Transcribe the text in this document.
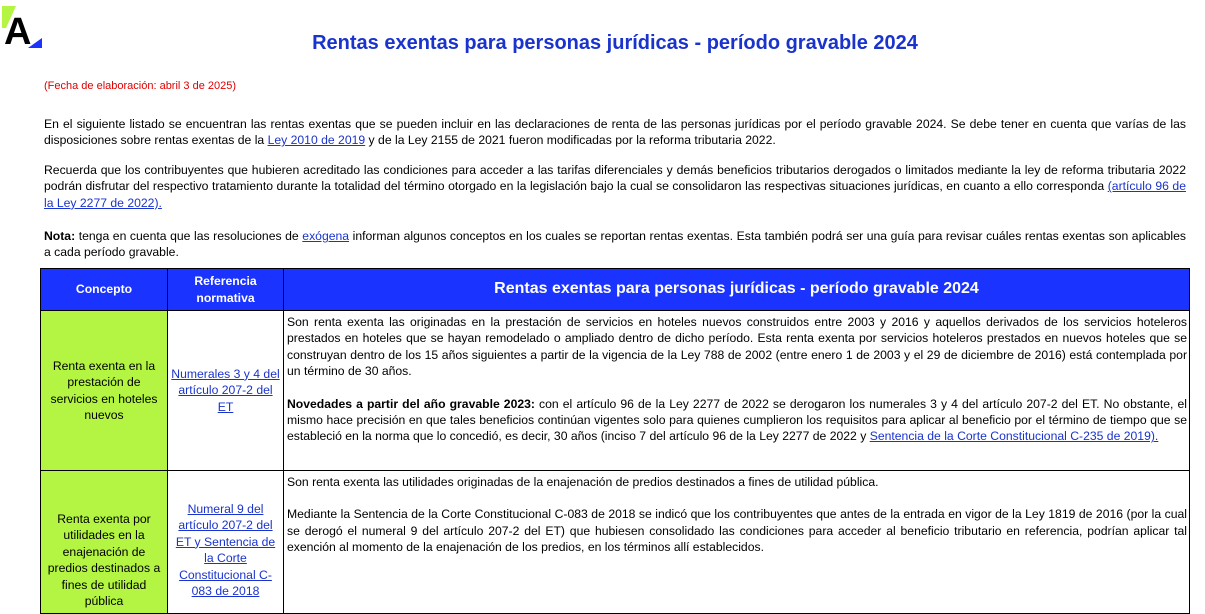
A	Rentas exentas para personas jurídicas - período gravable 2024
(Fecha de elaboración: abril 3 de 2025)

En el siguiente listado se encuentran las rentas exentas que se pueden incluir en las declaraciones de renta de las personas jurídicas por el período gravable 2024. Se debe tener en cuenta que varías de las disposiciones sobre rentas exentas de la Ley 2010 de 2019 y de la Ley 2155 de 2021 fueron modificadas por la reforma tributaria 2022.

Recuerda que los contribuyentes que hubieren acreditado las condiciones para acceder a las tarifas diferenciales y demás beneficios tributarios derogados o limitados mediante la ley de reforma tributaria 2022 podrán disfrutar del respectivo tratamiento durante la totalidad del término otorgado en la legislación bajo la cual se consolidaron las respectivas situaciones jurídicas, en cuanto a ello corresponda (artículo 96 de la Ley 2277 de 2022).

Nota: tenga en cuenta que las resoluciones de exógena informan algunos conceptos en los cuales se reportan rentas exentas. Esta también podrá ser una guía para revisar cuáles rentas exentas son aplicables a cada período gravable.

Concepto	Referencia normativa	Rentas exentas para personas jurídicas - período gravable 2024
Renta exenta en la prestación de servicios en hoteles nuevos	Numerales 3 y 4 del artículo 207-2 del ET	Son renta exenta las originadas en la prestación de servicios en hoteles nuevos construidos entre 2003 y 2016 y aquellos derivados de los servicios hoteleros prestados en hoteles que se hayan remodelado o ampliado dentro de dicho período. Esta renta exenta por servicios hoteleros prestados en nuevos hoteles que se construyan dentro de los 15 años siguientes a partir de la vigencia de la Ley 788 de 2002 (entre enero 1 de 2003 y el 29 de diciembre de 2016) está contemplada por un término de 30 años.

Novedades a partir del año gravable 2023: con el artículo 96 de la Ley 2277 de 2022 se derogaron los numerales 3 y 4 del artículo 207-2 del ET. No obstante, el mismo hace precisión en que tales beneficios continúan vigentes solo para quienes cumplieron los requisitos para aplicar al beneficio por el término de tiempo que se estableció en la norma que lo concedió, es decir, 30 años (inciso 7 del artículo 96 de la Ley 2277 de 2022 y Sentencia de la Corte Constitucional C-235 de 2019).

Renta exenta por utilidades en la enajenación de predios destinados a fines de utilidad pública	Numeral 9 del artículo 207-2 del ET y Sentencia de la Corte Constitucional C-083 de 2018	Son renta exenta las utilidades originadas de la enajenación de predios destinados a fines de utilidad pública.

Mediante la Sentencia de la Corte Constitucional C-083 de 2018 se indicó que los contribuyentes que antes de la entrada en vigor de la Ley 1819 de 2016 (por la cual se derogó el numeral 9 del artículo 207-2 del ET) que hubiesen consolidado las condiciones para acceder al beneficio tributario en referencia, podrían aplicar tal exención al momento de la enajenación de los predios, en los términos allí establecidos.
